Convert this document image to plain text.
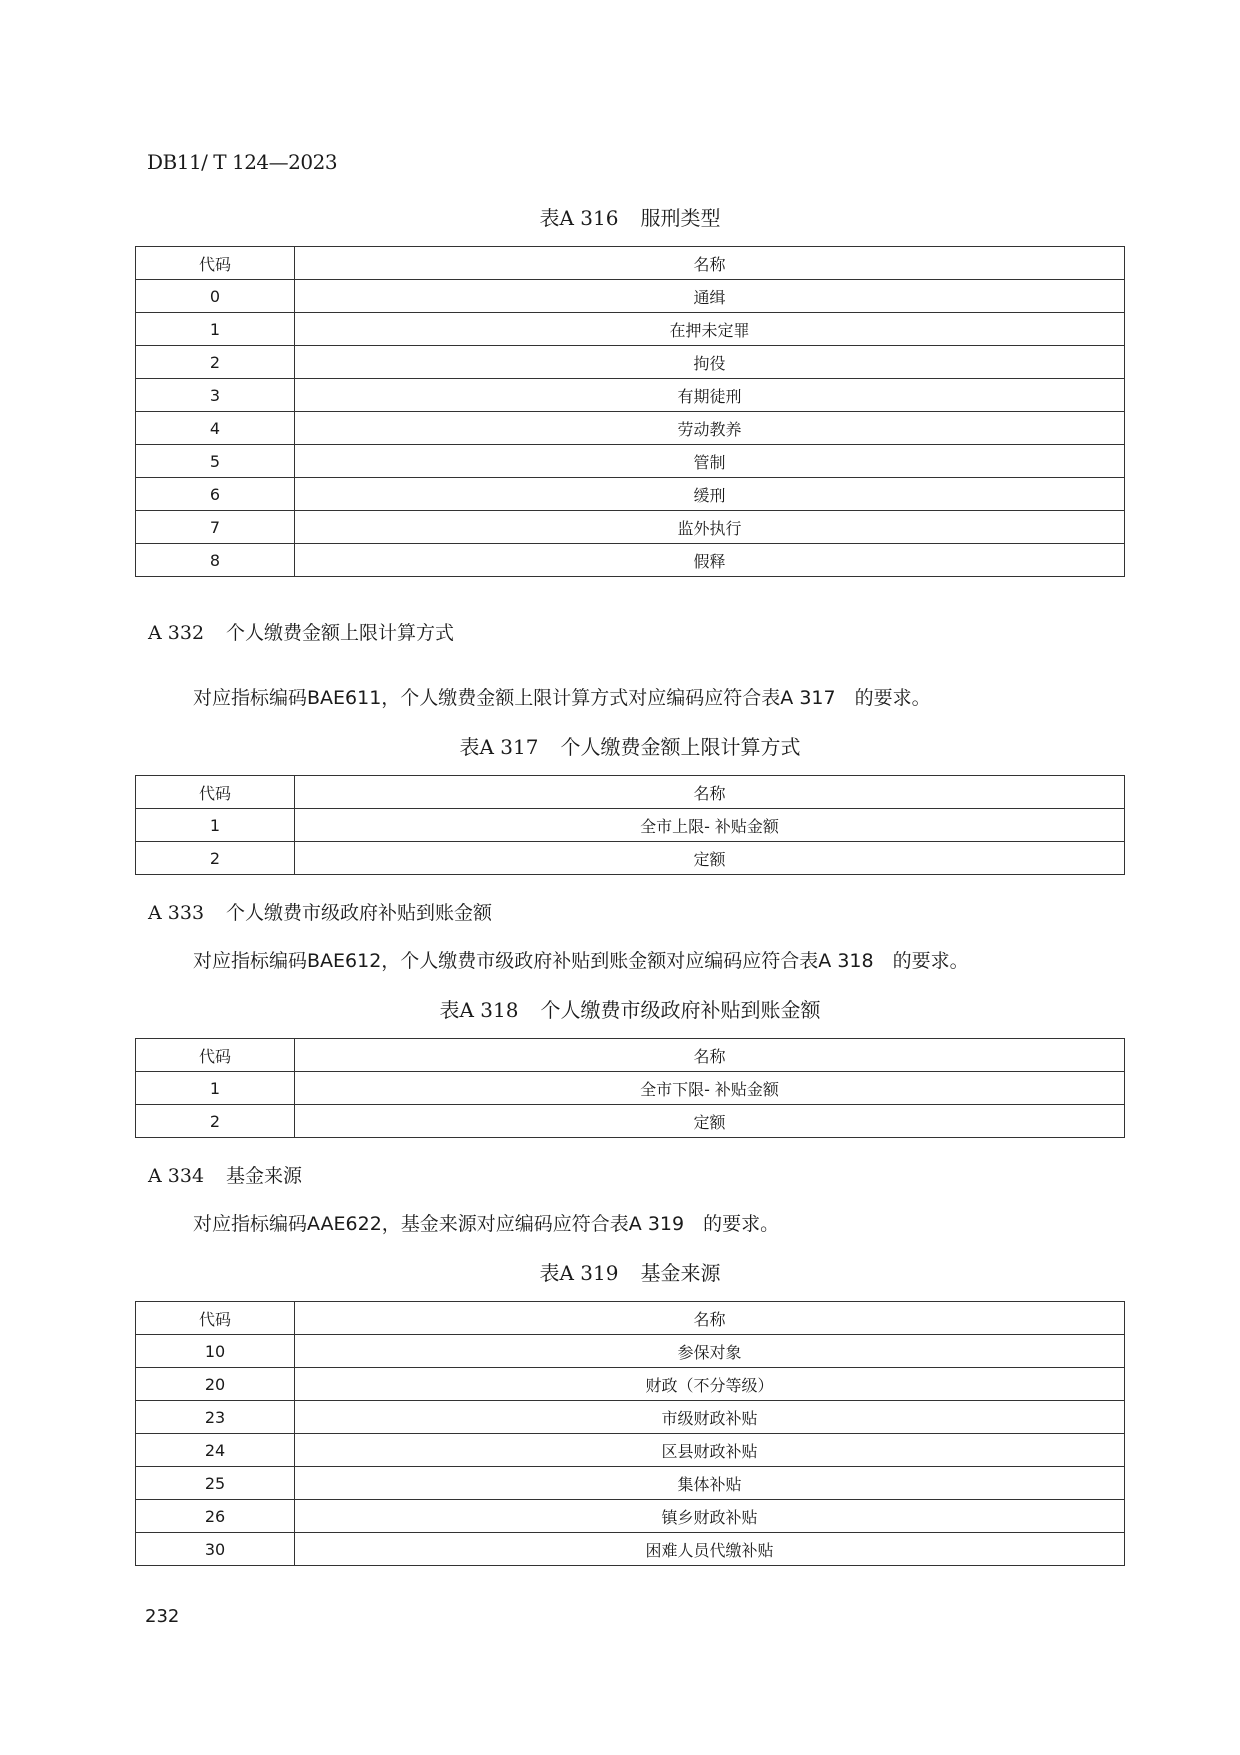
DB11/ T 124—2023
表A 316 服刑类型
代码	名称
0	通缉
1	在押未定罪
2	拘役
3	有期徒刑
4	劳动教养
5	管制
6	缓刑
7	监外执行
8	假释
A 332 个人缴费金额上限计算方式
对应指标编码BAE611，个人缴费金额上限计算方式对应编码应符合表A 317　的要求。
表A 317 个人缴费金额上限计算方式
代码	名称
1	全市上限- 补贴金额
2	定额
A 333 个人缴费市级政府补贴到账金额
对应指标编码BAE612，个人缴费市级政府补贴到账金额对应编码应符合表A 318　的要求。
表A 318 个人缴费市级政府补贴到账金额
代码	名称
1	全市下限- 补贴金额
2	定额
A 334 基金来源
对应指标编码AAE622，基金来源对应编码应符合表A 319　的要求。
表A 319 基金来源
代码	名称
10	参保对象
20	财政（不分等级）
23	市级财政补贴
24	区县财政补贴
25	集体补贴
26	镇乡财政补贴
30	困难人员代缴补贴
232
